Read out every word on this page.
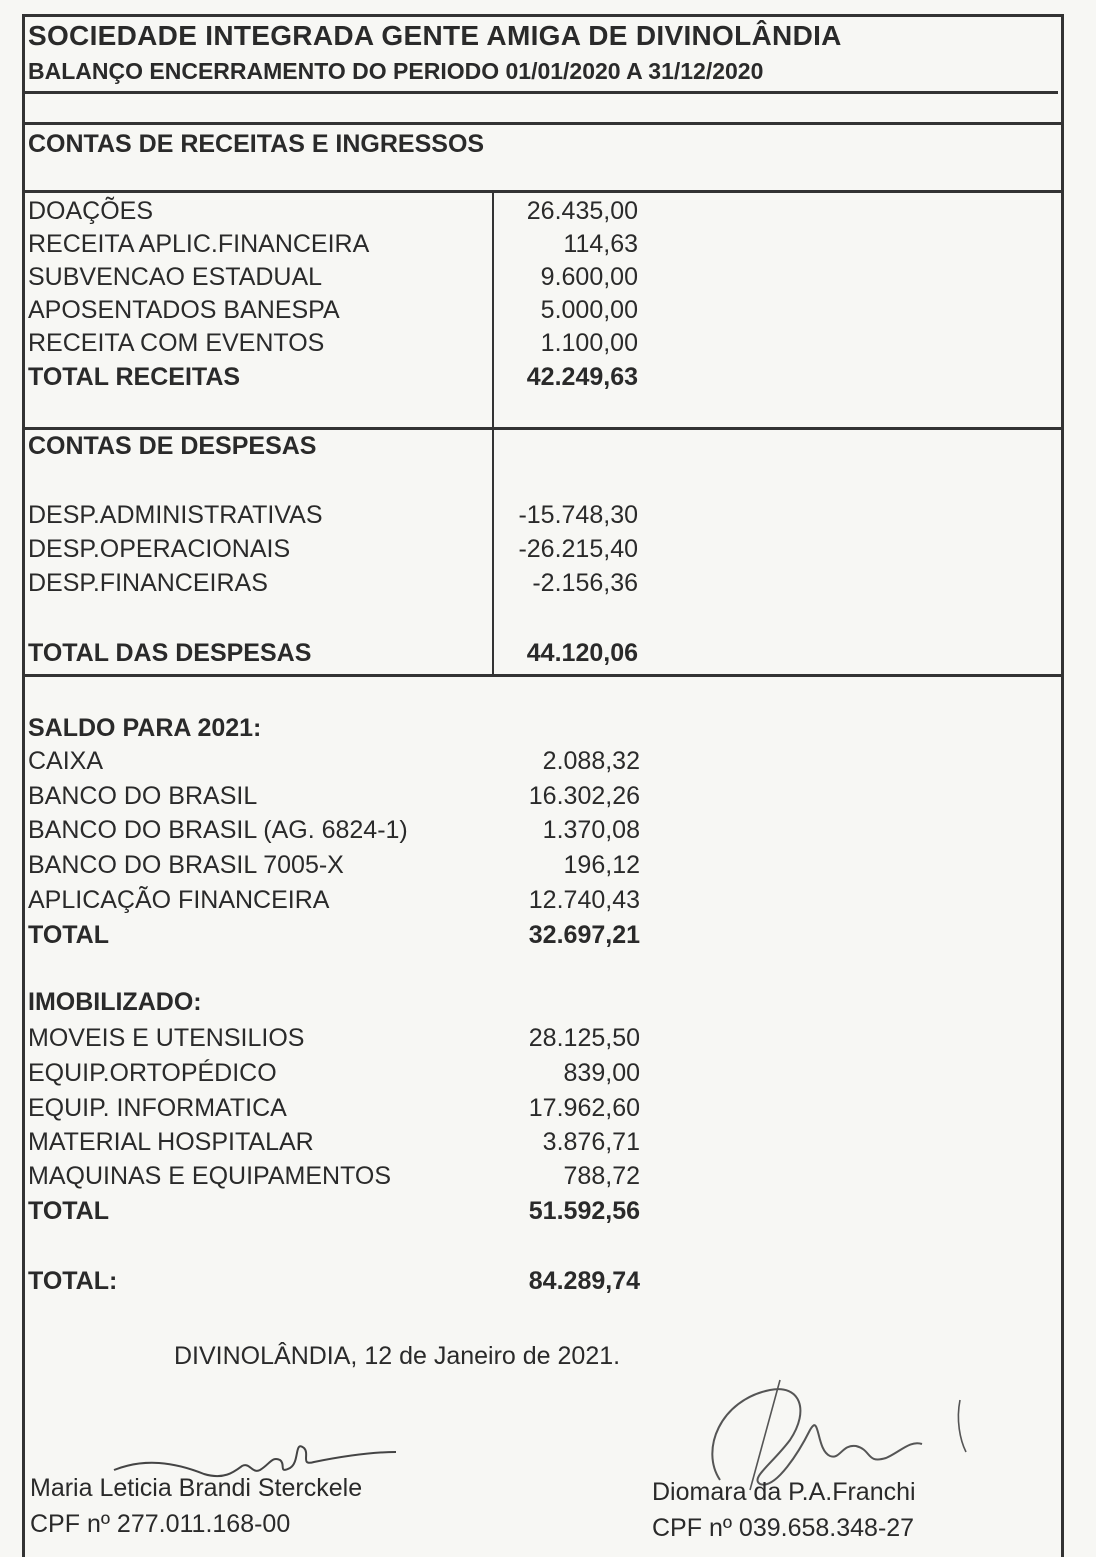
SOCIEDADE INTEGRADA GENTE AMIGA DE DIVINOLÂNDIA
BALANÇO ENCERRAMENTO DO PERIODO 01/01/2020 A 31/12/2020
CONTAS DE RECEITAS E INGRESSOS
DOAÇÕES	26.435,00
RECEITA APLIC.FINANCEIRA	114,63
SUBVENCAO ESTADUAL	9.600,00
APOSENTADOS BANESPA	5.000,00
RECEITA COM EVENTOS	1.100,00
TOTAL RECEITAS	42.249,63
CONTAS DE DESPESAS
DESP.ADMINISTRATIVAS	-15.748,30
DESP.OPERACIONAIS	-26.215,40
DESP.FINANCEIRAS	-2.156,36
TOTAL DAS DESPESAS	44.120,06
SALDO PARA 2021:
CAIXA	2.088,32
BANCO DO BRASIL	16.302,26
BANCO DO BRASIL (AG. 6824-1)	1.370,08
BANCO DO BRASIL 7005-X	196,12
APLICAÇÃO FINANCEIRA	12.740,43
TOTAL	32.697,21
IMOBILIZADO:
MOVEIS E UTENSILIOS	28.125,50
EQUIP.ORTOPÉDICO	839,00
EQUIP. INFORMATICA	17.962,60
MATERIAL HOSPITALAR	3.876,71
MAQUINAS E EQUIPAMENTOS	788,72
TOTAL	51.592,56
TOTAL:	84.289,74
DIVINOLÂNDIA, 12 de Janeiro de 2021.
Maria Leticia Brandi Sterckele
CPF nº 277.011.168-00
Diomara da P.A.Franchi
CPF nº 039.658.348-27
